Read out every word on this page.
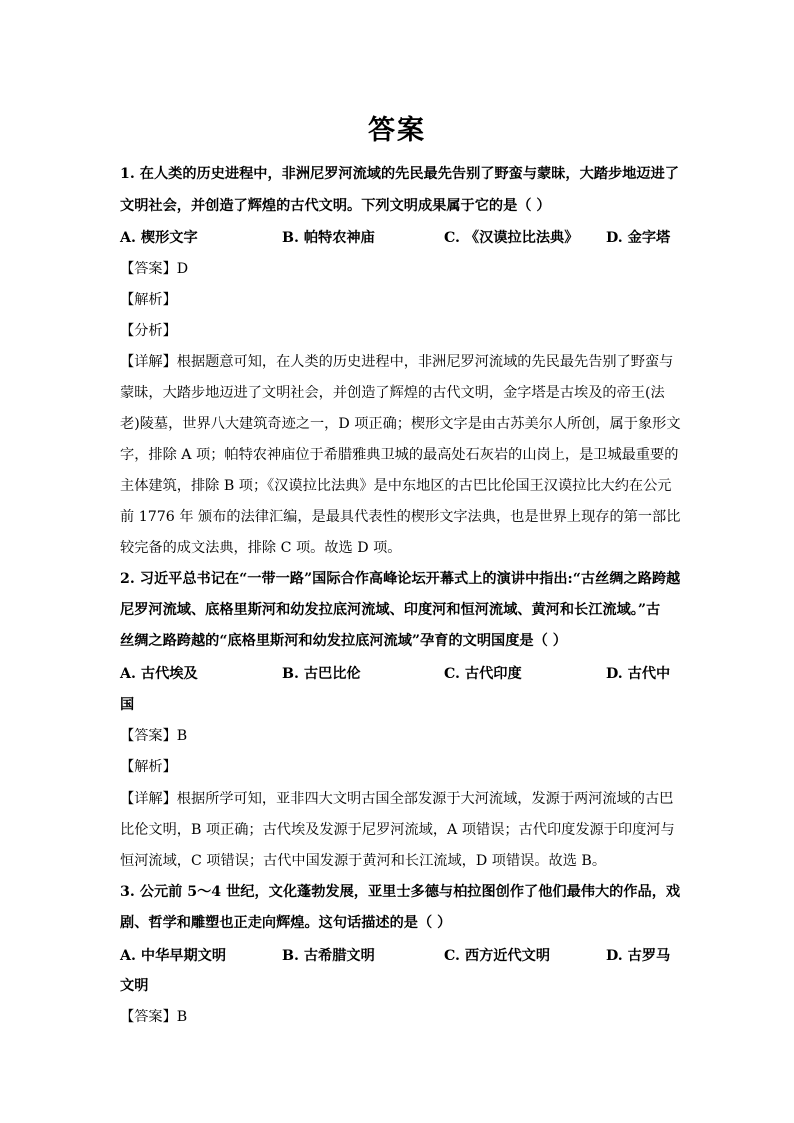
答案
1. 在人类的历史进程中，非洲尼罗河流域的先民最先告别了野蛮与蒙昧，大踏步地迈进了
文明社会，并创造了辉煌的古代文明。下列文明成果属于它的是（ ）
A. 楔形文字	B. 帕特农神庙	C. 《汉谟拉比法典》 D. 金字塔
【答案】D
【解析】
【分析】
【详解】根据题意可知，在人类的历史进程中，非洲尼罗河流域的先民最先告别了野蛮与
蒙昧，大踏步地迈进了文明社会，并创造了辉煌的古代文明，金字塔是古埃及的帝王(法
老)陵墓，世界八大建筑奇迹之一，D 项正确；楔形文字是由古苏美尔人所创，属于象形文
字，排除 A 项；帕特农神庙位于希腊雅典卫城的最高处石灰岩的山岗上，是卫城最重要的
主体建筑，排除 B 项；《汉谟拉比法典》是中东地区的古巴比伦国王汉谟拉比大约在公元
前 1776 年 颁布的法律汇编，是最具代表性的楔形文字法典，也是世界上现存的第一部比
较完备的成文法典，排除 C 项。故选 D 项。
2. 习近平总书记在“一带一路”国际合作高峰论坛开幕式上的演讲中指出:“古丝绸之路跨越
尼罗河流域、底格里斯河和幼发拉底河流域、印度河和恒河流域、黄河和长江流域。”古
丝绸之路跨越的“底格里斯河和幼发拉底河流域”孕育的文明国度是（ ）
A. 古代埃及	B. 古巴比伦	C. 古代印度	D. 古代中
国
【答案】B
【解析】
【详解】根据所学可知，亚非四大文明古国全部发源于大河流域，发源于两河流域的古巴
比伦文明，B 项正确；古代埃及发源于尼罗河流域，A 项错误；古代印度发源于印度河与
恒河流域，C 项错误；古代中国发源于黄河和长江流域，D 项错误。故选 B。
3. 公元前 5～4 世纪，文化蓬勃发展，亚里士多德与柏拉图创作了他们最伟大的作品，戏
剧、哲学和雕塑也正走向辉煌。这句话描述的是（ ）
A. 中华早期文明	B. 古希腊文明	C. 西方近代文明	D. 古罗马
文明
【答案】B
